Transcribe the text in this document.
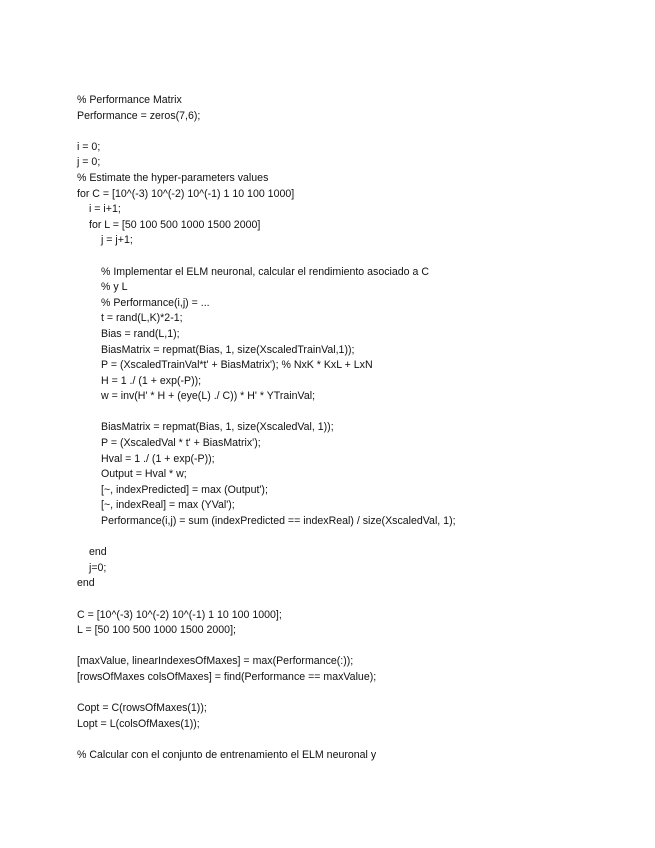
% Performance Matrix
Performance = zeros(7,6);
i = 0;
j = 0;
% Estimate the hyper-parameters values
for C = [10^(-3) 10^(-2) 10^(-1) 1 10 100 1000]
i = i+1;
for L = [50 100 500 1000 1500 2000]
j = j+1;
% Implementar el ELM neuronal, calcular el rendimiento asociado a C
% y L
% Performance(i,j) = ...
t = rand(L,K)*2-1;
Bias = rand(L,1);
BiasMatrix = repmat(Bias, 1, size(XscaledTrainVal,1));
P = (XscaledTrainVal*t' + BiasMatrix'); % NxK * KxL + LxN
H = 1 ./ (1 + exp(-P));
w = inv(H' * H + (eye(L) ./ C)) * H' * YTrainVal;
BiasMatrix = repmat(Bias, 1, size(XscaledVal, 1));
P = (XscaledVal * t' + BiasMatrix');
Hval = 1 ./ (1 + exp(-P));
Output = Hval * w;
[~, indexPredicted] = max (Output');
[~, indexReal] = max (YVal');
Performance(i,j) = sum (indexPredicted == indexReal) / size(XscaledVal, 1);
end
j=0;
end
C = [10^(-3) 10^(-2) 10^(-1) 1 10 100 1000];
L = [50 100 500 1000 1500 2000];
[maxValue, linearIndexesOfMaxes] = max(Performance(:));
[rowsOfMaxes colsOfMaxes] = find(Performance == maxValue);
Copt = C(rowsOfMaxes(1));
Lopt = L(colsOfMaxes(1));
% Calcular con el conjunto de entrenamiento el ELM neuronal y
